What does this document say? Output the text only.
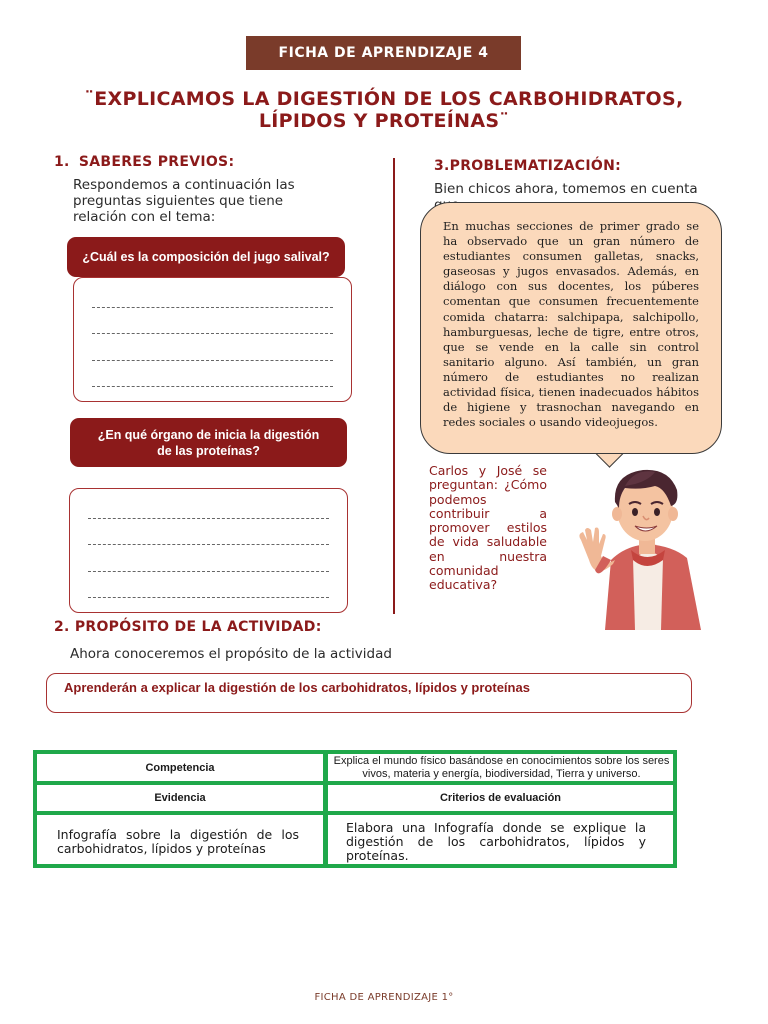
FICHA DE APRENDIZAJE 4
¨EXPLICAMOS LA DIGESTIÓN DE LOS CARBOHIDRATOS,
LÍPIDOS Y PROTEÍNAS¨
1. SABERES PREVIOS:
Respondemos a continuación las preguntas siguientes que tiene relación con el tema:
¿Cuál es la composición del jugo salival?
¿En qué órgano de inicia la digestión
de las proteínas?
3.PROBLEMATIZACIÓN:
Bien chicos ahora, tomemos en cuenta
En muchas secciones de primer grado se ha observado que un gran número de estudiantes consumen galletas, snacks, gaseosas y jugos envasados. Además, en diálogo con sus docentes, los púberes comentan que consumen frecuentemente comida chatarra: salchipapa, salchipollo, hamburguesas, leche de tigre, entre otros, que se vende en la calle sin control sanitario alguno. Así también, un gran número de estudiantes no realizan actividad física, tienen inadecuados hábitos de higiene y trasnochan navegando en redes sociales o usando videojuegos.
Carlos y José se preguntan: ¿Cómo podemos contribuir a promover estilos de vida saludable en nuestra comunidad educativa?
2. PROPÓSITO DE LA ACTIVIDAD:
Ahora conoceremos el propósito de la actividad
Aprenderán a explicar la digestión de los carbohidratos, lípidos y proteínas
Competencia
Explica el mundo físico basándose en conocimientos sobre los seres vivos, materia y energía, biodiversidad, Tierra y universo.
Evidencia	Criterios de evaluación
Infografía sobre la digestión de los carbohidratos, lípidos y proteínas
Elabora una Infografía donde se explique la digestión de los carbohidratos, lípidos y proteínas.
FICHA DE APRENDIZAJE 1°
